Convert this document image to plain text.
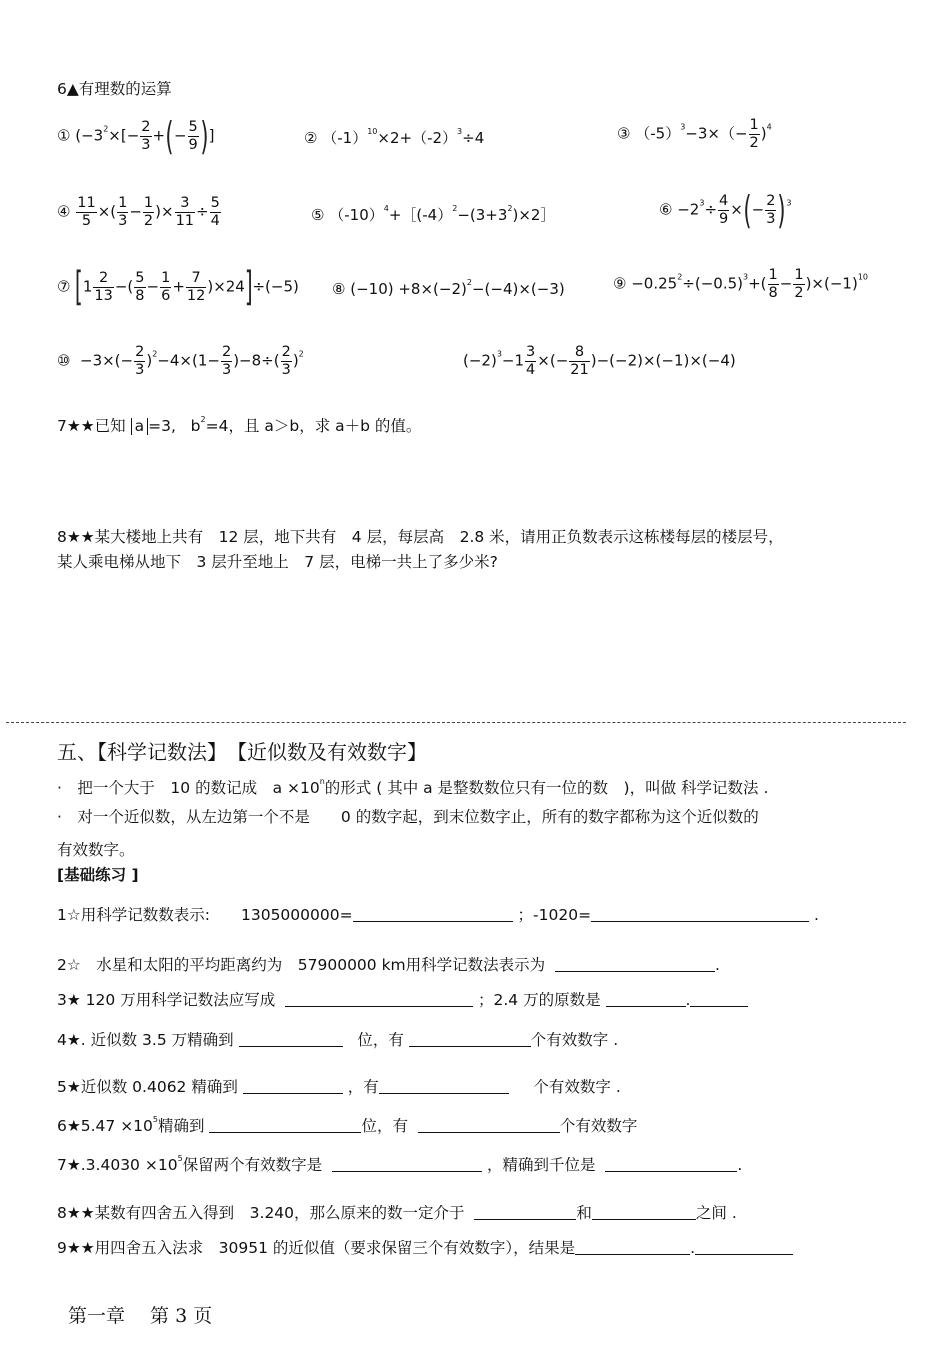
6▲有理数的运算
① ($-3^2\times[- \frac{2}{3}$ +(− $\frac{5}{9}$ )]	② $(-1)^{10}\times 2+(-2)^3\div 4$	③ $(-5)^3-3\times(- \frac{1}{2} )^4$
④ $\frac{11}{5}$ ×( $\frac{1}{3} - \frac{1}{2}$ )× $\frac{3}{11} \div \frac{5}{4}$	⑤ $(-10)^4+[(-4)^2-(3+3^2)\times 2]$	⑥ $-2^3\div \frac{4}{9}$ ×(− $\frac{2}{3} )^3$
⑦ [$1 \frac{2}{13}$ −( $\frac{5}{8} - \frac{1}{6} + \frac{7}{12} )\times 24]\div(-5)$ ⑧ $(-10) +8\times(-2)^2-(-4)\times(-3)$	⑨ $-0.25^2\div(-0.5)^3+( \frac{1}{8} - \frac{1}{2} )\times(-1)^{10}$
⑩ $-3\times(- \frac{2}{3} )^2-4\times(1- \frac{2}{3} )-8\div( \frac{2}{3} )^2$	$(-2)^3-1 \frac{3}{4}$ ×(− $\frac{8}{21} )-(-2)\times(-1)\times(-4)$
7★★已知 a =3, $b^2=4$，且 a＞b，求 a＋b 的值。
8★★某大楼地上共有　12 层，地下共有　4 层，每层高　2.8 米，请用正负数表示这栋楼每层的楼层号，
某人乘电梯从地下　3 层升至地上　7 层，电梯一共上了多少米?
五、【科学记数法】　【近似数及有效数字】
·　把一个大于　10 的数记成　$a \times 10^n$的形式 ( 其中 a 是整数数位只有一位的数　)，叫做 科学记数法 .
·　对一个近似数，从左边第一个不是　　0 的数字起，到末位数字止，所有的数字都称为这个近似数的
有效数字。
[基础练习 ]
1☆用科学记数数表示:　　1305000000=	；-1020=	.
2☆　水星和太阳的平均距离约为　57900000 km用科学记数法表示为	.
3★ 120 万用科学记数法应写成	；2.4 万的原数是	.
4★. 近似数 3.5 万精确到	位，有	个有效数字 .
5★近似数 0.4062 精确到	，有	个有效数字 .
6★5.47 $\times 10^5$精确到	位，有	个有效数字
7★.3.4030 $\times 10^5$保留两个有效数字是	，精确到千位是	.
8★★某数有四舍五入得到　3.240，那么原来的数一定介于	和	之间 .
9★★用四舍五入法求　30951 的近似值（要求保留三个有效数字），结果是	.
第一章　 第 3 页
